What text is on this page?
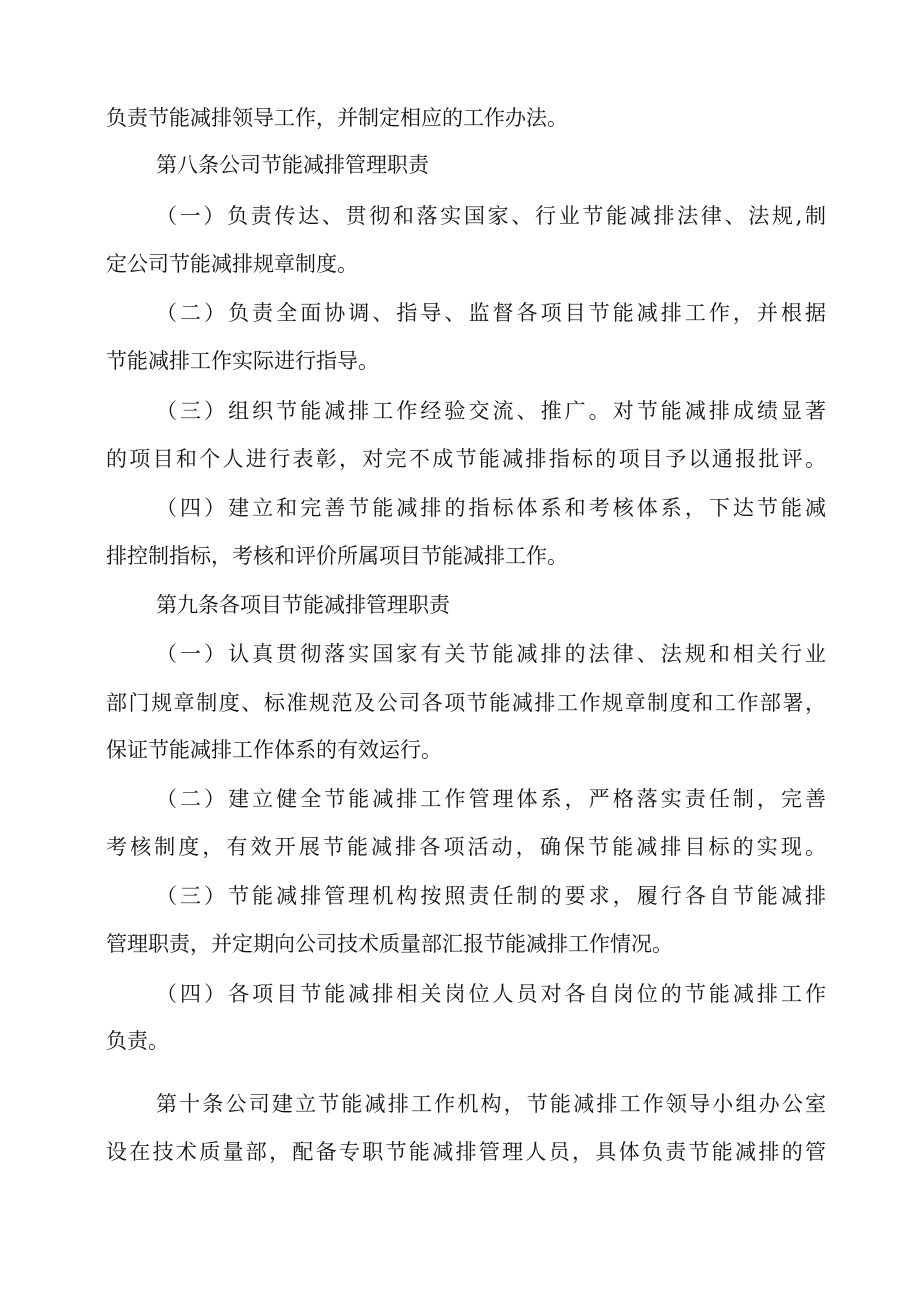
负责节能减排领导工作，并制定相应的工作办法。
第八条公司节能减排管理职责
（一）负责传达、贯彻和落实国家、行业节能减排法律、法规,制
定公司节能减排规章制度。
（二）负责全面协调、指导、监督各项目节能减排工作，并根据
节能减排工作实际进行指导。
（三）组织节能减排工作经验交流、推广。对节能减排成绩显著
的项目和个人进行表彰，对完不成节能减排指标的项目予以通报批评。
（四）建立和完善节能减排的指标体系和考核体系，下达节能减
排控制指标，考核和评价所属项目节能减排工作。
第九条各项目节能减排管理职责
（一）认真贯彻落实国家有关节能减排的法律、法规和相关行业
部门规章制度、标准规范及公司各项节能减排工作规章制度和工作部署，
保证节能减排工作体系的有效运行。
（二）建立健全节能减排工作管理体系，严格落实责任制，完善
考核制度，有效开展节能减排各项活动，确保节能减排目标的实现。
（三）节能减排管理机构按照责任制的要求，履行各自节能减排
管理职责，并定期向公司技术质量部汇报节能减排工作情况。
（四）各项目节能减排相关岗位人员对各自岗位的节能减排工作
负责。
第十条公司建立节能减排工作机构，节能减排工作领导小组办公室
设在技术质量部，配备专职节能减排管理人员，具体负责节能减排的管
